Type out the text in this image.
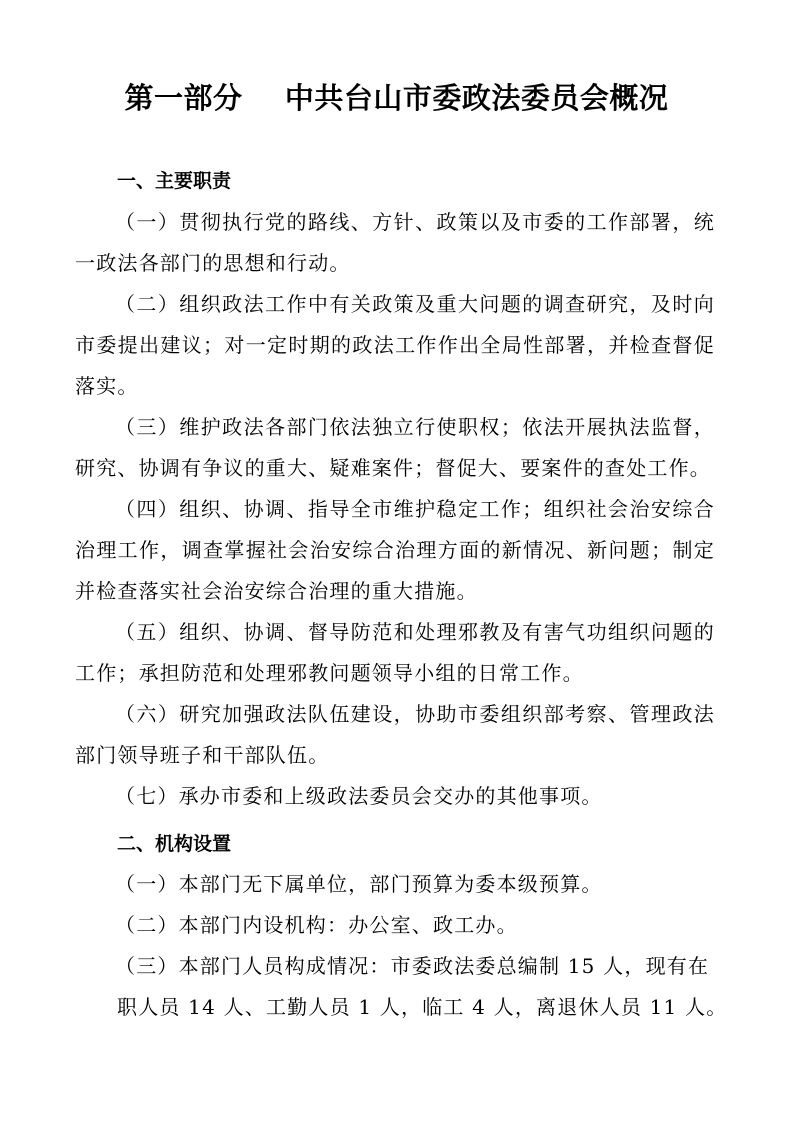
第一部分    中共台山市委政法委员会概况
一、主要职责
（一）贯彻执行党的路线、方针、政策以及市委的工作部署，统一政法各部门的思想和行动。
（二）组织政法工作中有关政策及重大问题的调查研究，及时向市委提出建议；对一定时期的政法工作作出全局性部署，并检查督促落实。
（三）维护政法各部门依法独立行使职权；依法开展执法监督，研究、协调有争议的重大、疑难案件；督促大、要案件的查处工作。
（四）组织、协调、指导全市维护稳定工作；组织社会治安综合治理工作，调查掌握社会治安综合治理方面的新情况、新问题；制定并检查落实社会治安综合治理的重大措施。
（五）组织、协调、督导防范和处理邪教及有害气功组织问题的工作；承担防范和处理邪教问题领导小组的日常工作。
（六）研究加强政法队伍建设，协助市委组织部考察、管理政法部门领导班子和干部队伍。
（七）承办市委和上级政法委员会交办的其他事项。
二、机构设置
（一）本部门无下属单位，部门预算为委本级预算。
（二）本部门内设机构：办公室、政工办。
（三）本部门人员构成情况：市委政法委总编制 15 人，现有在
职人员 14 人、工勤人员 1 人，临工 4 人，离退休人员 11 人。
